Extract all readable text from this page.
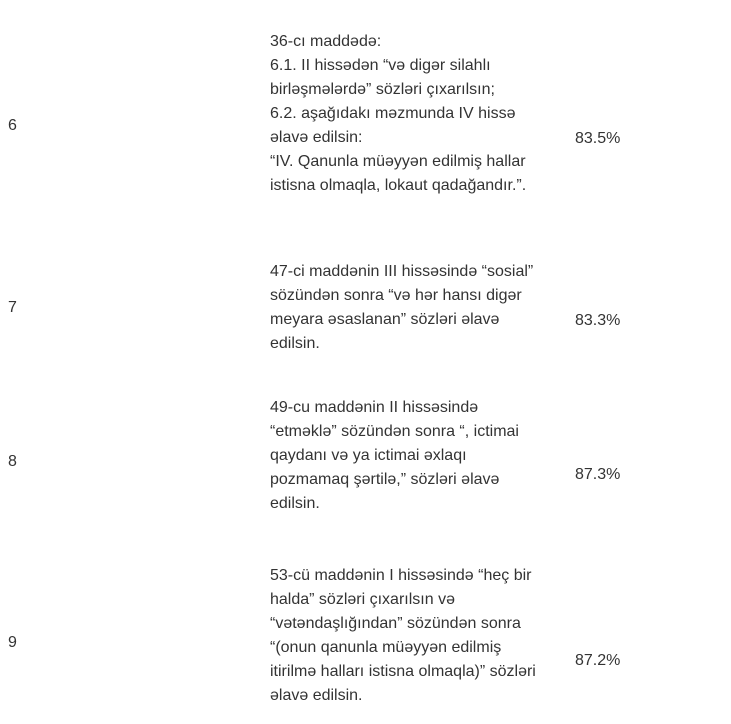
6
36-cı maddədə:
6.1. II hissədən “və digər silahlı
birləşmələrdə” sözləri çıxarılsın;
6.2. aşağıdakı məzmunda IV hissə
əlavə edilsin:
“IV. Qanunla müəyyən edilmiş hallar
istisna olmaqla, lokaut qadağandır.”.
83.5%
7
47-ci maddənin III hissəsində “sosial”
sözündən sonra “və hər hansı digər
meyara əsaslanan” sözləri əlavə
edilsin.
83.3%
8
49-cu maddənin II hissəsində
“etməklə” sözündən sonra “, ictimai
qaydanı və ya ictimai əxlaqı
pozmamaq şərtilə,” sözləri əlavə
edilsin.
87.3%
9
53-cü maddənin I hissəsində “heç bir
halda” sözləri çıxarılsın və
“vətəndaşlığından” sözündən sonra
“(onun qanunla müəyyən edilmiş
itirilmə halları istisna olmaqla)” sözləri
əlavə edilsin.
87.2%
